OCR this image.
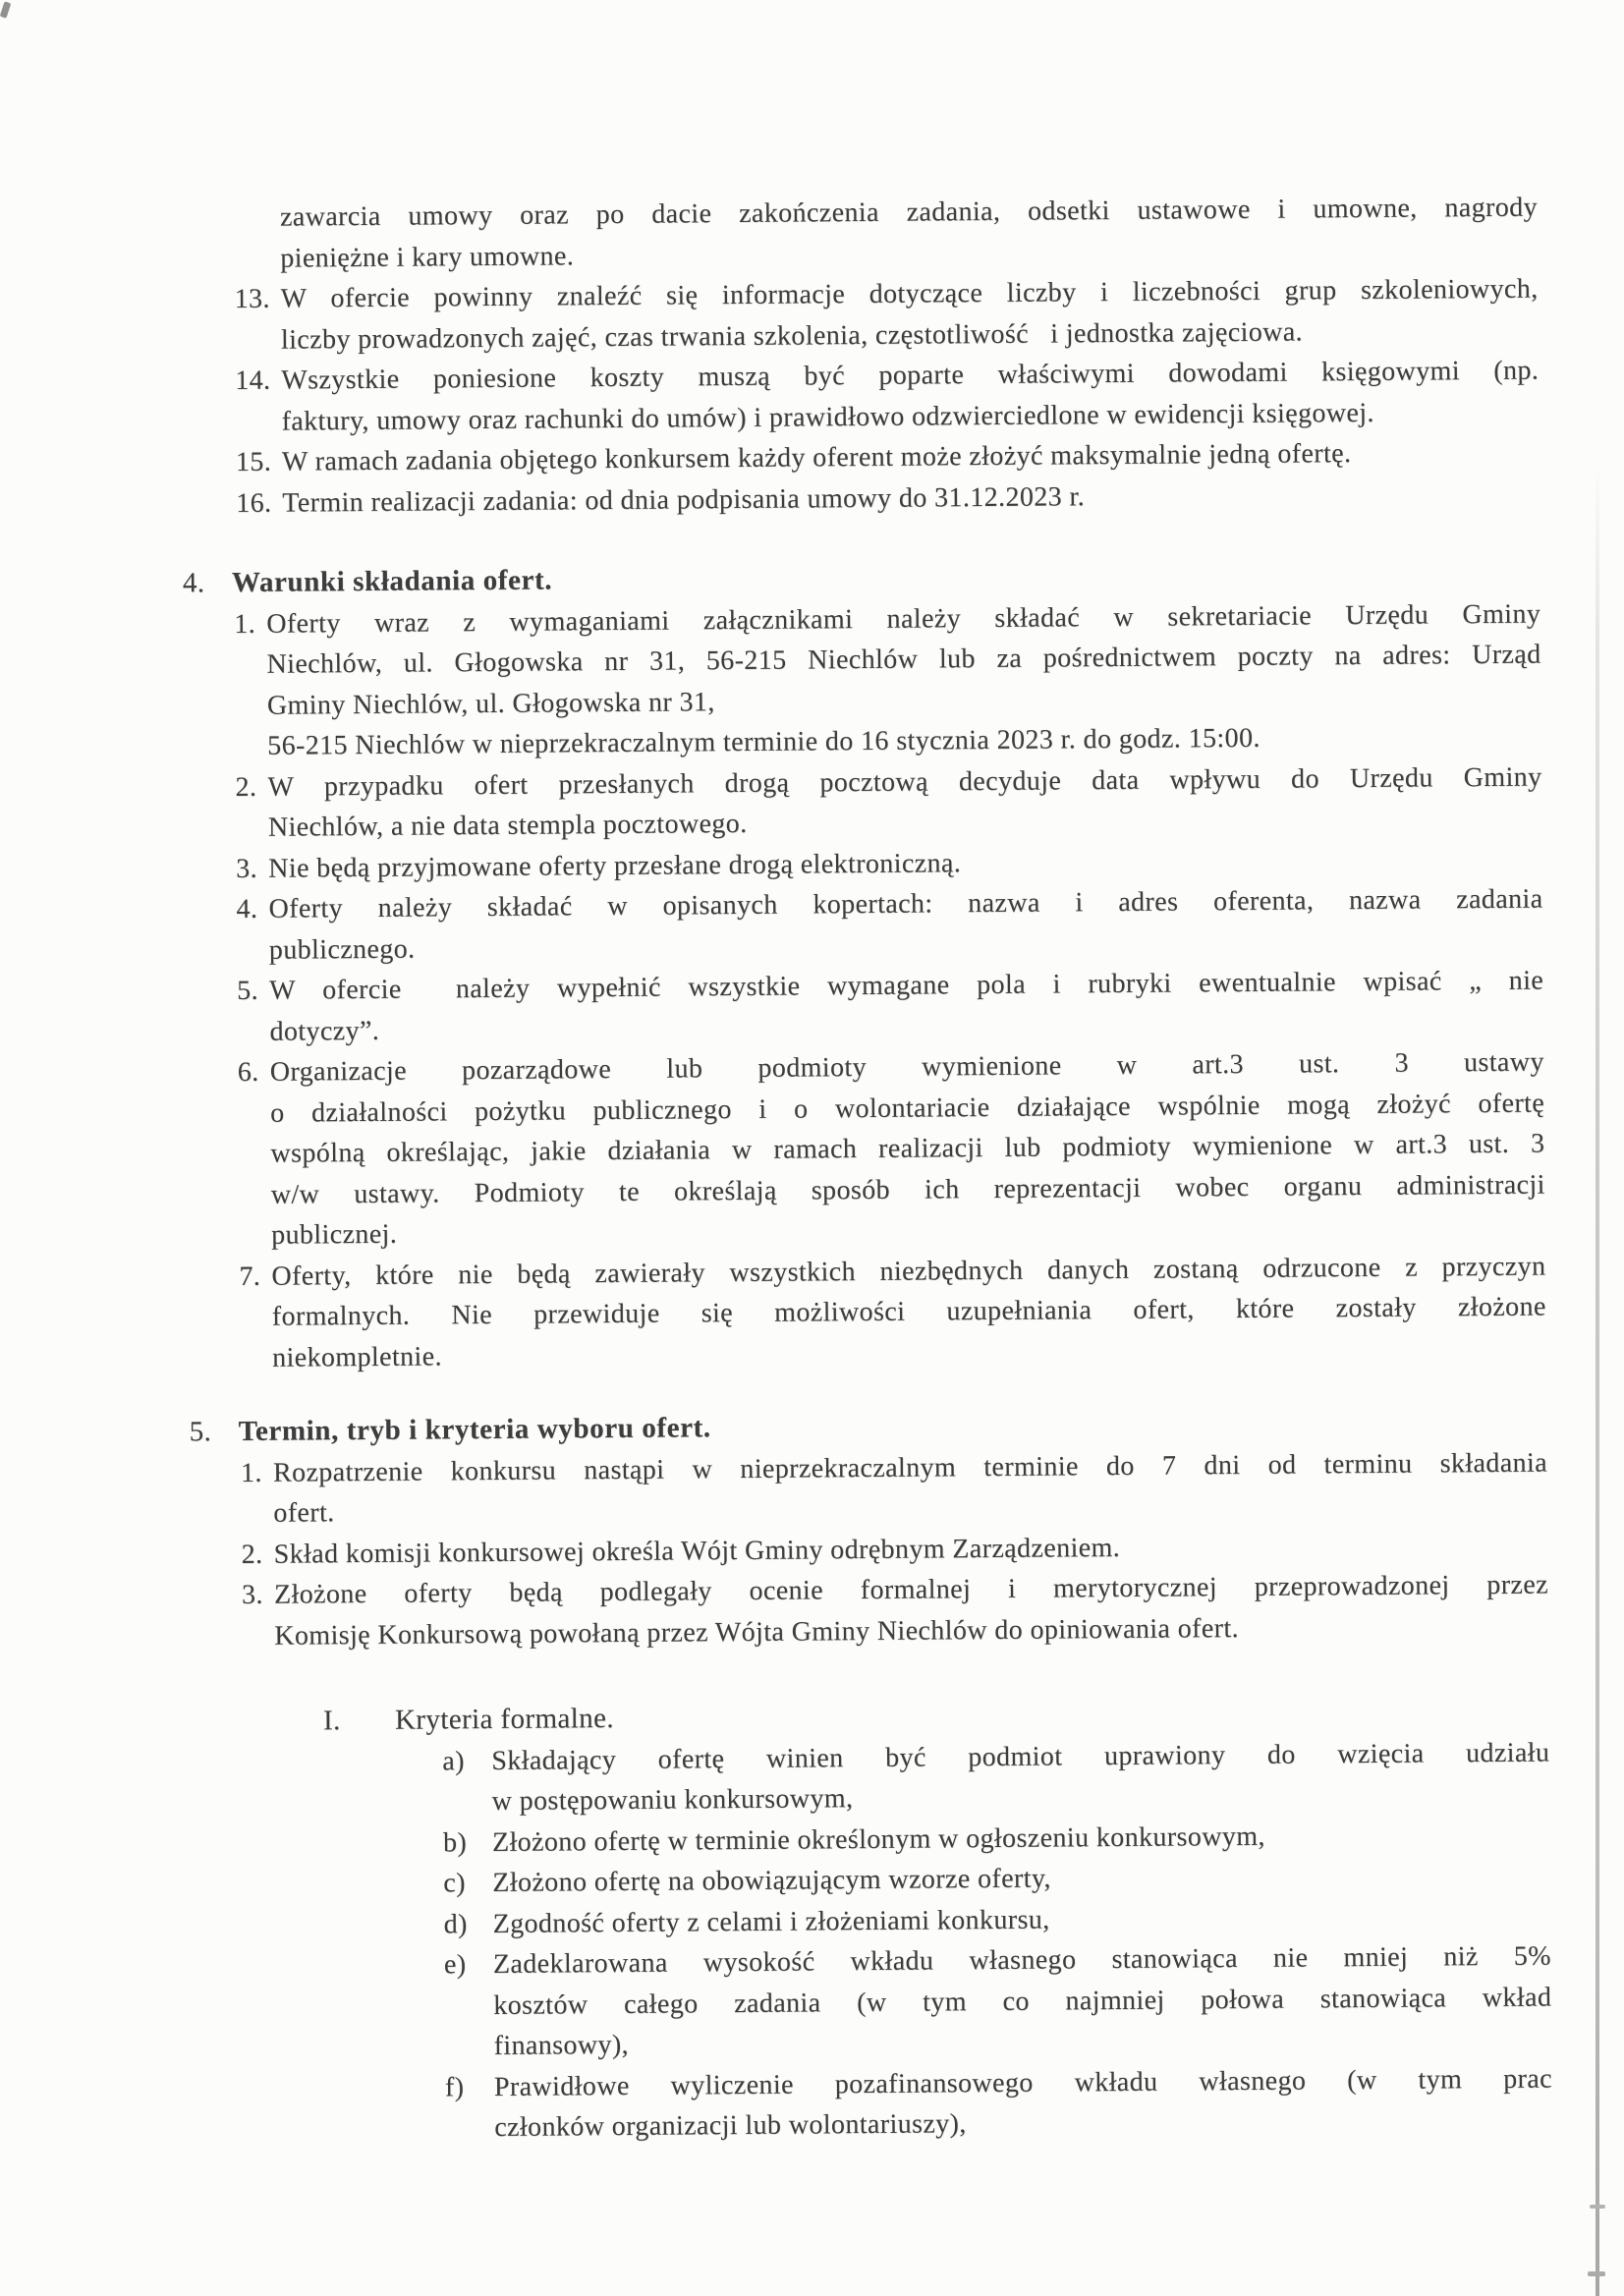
zawarcia umowy oraz po dacie zakończenia zadania, odsetki ustawowe i umowne, nagrody
pieniężne i kary umowne.
13. W ofercie powinny znaleźć się informacje dotyczące liczby i liczebności grup szkoleniowych,
liczby prowadzonych zajęć, czas trwania szkolenia, częstotliwość   i jednostka zajęciowa.
14. Wszystkie poniesione koszty muszą być poparte właściwymi dowodami księgowymi (np.
faktury, umowy oraz rachunki do umów) i prawidłowo odzwierciedlone w ewidencji księgowej.
15. W ramach zadania objętego konkursem każdy oferent może złożyć maksymalnie jedną ofertę.
16. Termin realizacji zadania: od dnia podpisania umowy do 31.12.2023 r.
4. Warunki składania ofert.
1. Oferty wraz z wymaganiami załącznikami należy składać w sekretariacie Urzędu Gminy
Niechlów, ul. Głogowska nr 31, 56-215 Niechlów lub za pośrednictwem poczty na adres: Urząd
Gminy Niechlów, ul. Głogowska nr 31,
56-215 Niechlów w nieprzekraczalnym terminie do 16 stycznia 2023 r. do godz. 15:00.
2. W przypadku ofert przesłanych drogą pocztową decyduje data wpływu do Urzędu Gminy
Niechlów, a nie data stempla pocztowego.
3. Nie będą przyjmowane oferty przesłane drogą elektroniczną.
4. Oferty należy składać w opisanych kopertach: nazwa i adres oferenta, nazwa zadania
publicznego.
5. W ofercie  należy wypełnić wszystkie wymagane pola i rubryki ewentualnie wpisać „ nie
dotyczy”.
6. Organizacje pozarządowe lub podmioty wymienione w art.3 ust. 3 ustawy
o działalności pożytku publicznego i o wolontariacie działające wspólnie mogą złożyć ofertę
wspólną określając, jakie działania w ramach realizacji lub podmioty wymienione w art.3 ust. 3
w/w ustawy. Podmioty te określają sposób ich reprezentacji wobec organu administracji
publicznej.
7. Oferty, które nie będą zawierały wszystkich niezbędnych danych zostaną odrzucone z przyczyn
formalnych. Nie przewiduje się możliwości uzupełniania ofert, które zostały złożone
niekompletnie.
5. Termin, tryb i kryteria wyboru ofert.
1. Rozpatrzenie konkursu nastąpi w nieprzekraczalnym terminie do 7 dni od terminu składania
ofert.
2. Skład komisji konkursowej określa Wójt Gminy odrębnym Zarządzeniem.
3. Złożone oferty będą podlegały ocenie formalnej i merytorycznej przeprowadzonej przez
Komisję Konkursową powołaną przez Wójta Gminy Niechlów do opiniowania ofert.
I.	Kryteria formalne.
a) Składający ofertę winien być podmiot uprawiony do wzięcia udziału
w postępowaniu konkursowym,
b) Złożono ofertę w terminie określonym w ogłoszeniu konkursowym,
c) Złożono ofertę na obowiązującym wzorze oferty,
d) Zgodność oferty z celami i złożeniami konkursu,
e) Zadeklarowana wysokość wkładu własnego stanowiąca nie mniej niż 5%
kosztów całego zadania (w tym co najmniej połowa stanowiąca wkład
finansowy),
f)	Prawidłowe wyliczenie pozafinansowego wkładu własnego (w tym prac
członków organizacji lub wolontariuszy),
